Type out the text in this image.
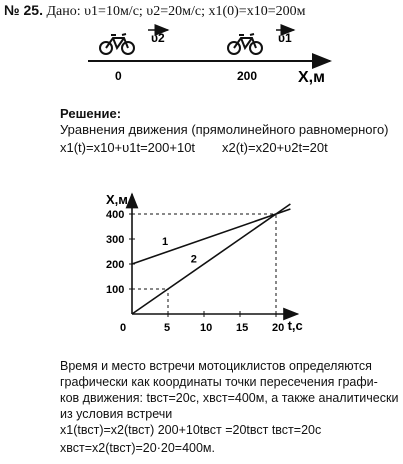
№ 25. Дано: υ1=10м/с; υ2=20м/с; x1(0)=x10=200м
υ2	υ1
0	200	X,м
Решение:
Уравнения движения (прямолинейного равномерного)
x1(t)=x10+υ1t=200+10t x2(t)=x20+υ2t=20t
t,с
X,м
0	5	10 15 20
100
200
300
400
1
2
Время и место встречи мотоциклистов определяются
графически как координаты точки пересечения графи-
ков движения: tвст=20с, xвст=400м, а также аналитически
из условия встречи
x1(tвст)=x2(tвст) 200+10tвст =20tвст tвст=20c
xвст=x2(tвст)=20·20=400м.
